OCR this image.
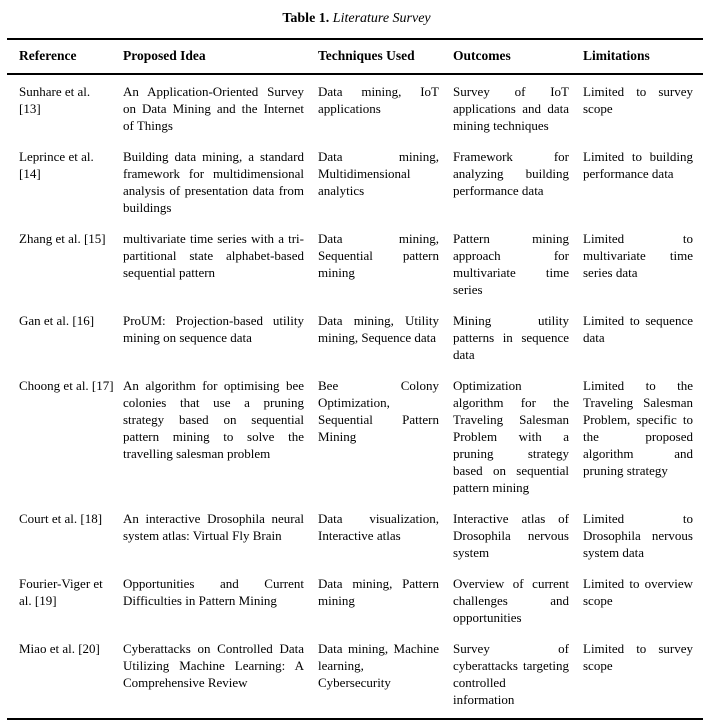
Table 1. Literature Survey

Reference	Proposed Idea	Techniques Used	Outcomes	Limitations
Sunhare et al. [13]	An Application-Oriented Survey on Data Mining and the Internet of Things	Data mining, IoT applications	Survey of IoT applications and data mining techniques	Limited to survey scope
Leprince et al. [14]	Building data mining, a standard framework for multidimensional analysis of presentation data from buildings	Data mining, Multidimensional analytics	Framework for analyzing building performance data	Limited to building performance data
Zhang et al. [15]	multivariate time series with a tri-partitional state alphabet-based sequential pattern	Data mining, Sequential pattern mining	Pattern mining approach for multivariate time series	Limited to multivariate time series data
Gan et al. [16]	ProUM: Projection-based utility mining on sequence data	Data mining, Utility mining, Sequence data	Mining utility patterns in sequence data	Limited to sequence data
Choong et al. [17]	An algorithm for optimising bee colonies that use a pruning strategy based on sequential pattern mining to solve the travelling salesman problem	Bee Colony Optimization, Sequential Pattern Mining	Optimization algorithm for the Traveling Salesman Problem with a pruning strategy based on sequential pattern mining	Limited to the Traveling Salesman Problem, specific to the proposed algorithm and pruning strategy
Court et al. [18]	An interactive Drosophila neural system atlas: Virtual Fly Brain	Data visualization, Interactive atlas	Interactive atlas of Drosophila nervous system	Limited to Drosophila nervous system data
Fourier-Viger et al. [19]	Opportunities and Current Difficulties in Pattern Mining	Data mining, Pattern mining	Overview of current challenges and opportunities	Limited to overview scope
Miao et al. [20]	Cyberattacks on Controlled Data Utilizing Machine Learning: A Comprehensive Review	Data mining, Machine learning, Cybersecurity	Survey of cyberattacks targeting controlled information	Limited to survey scope
